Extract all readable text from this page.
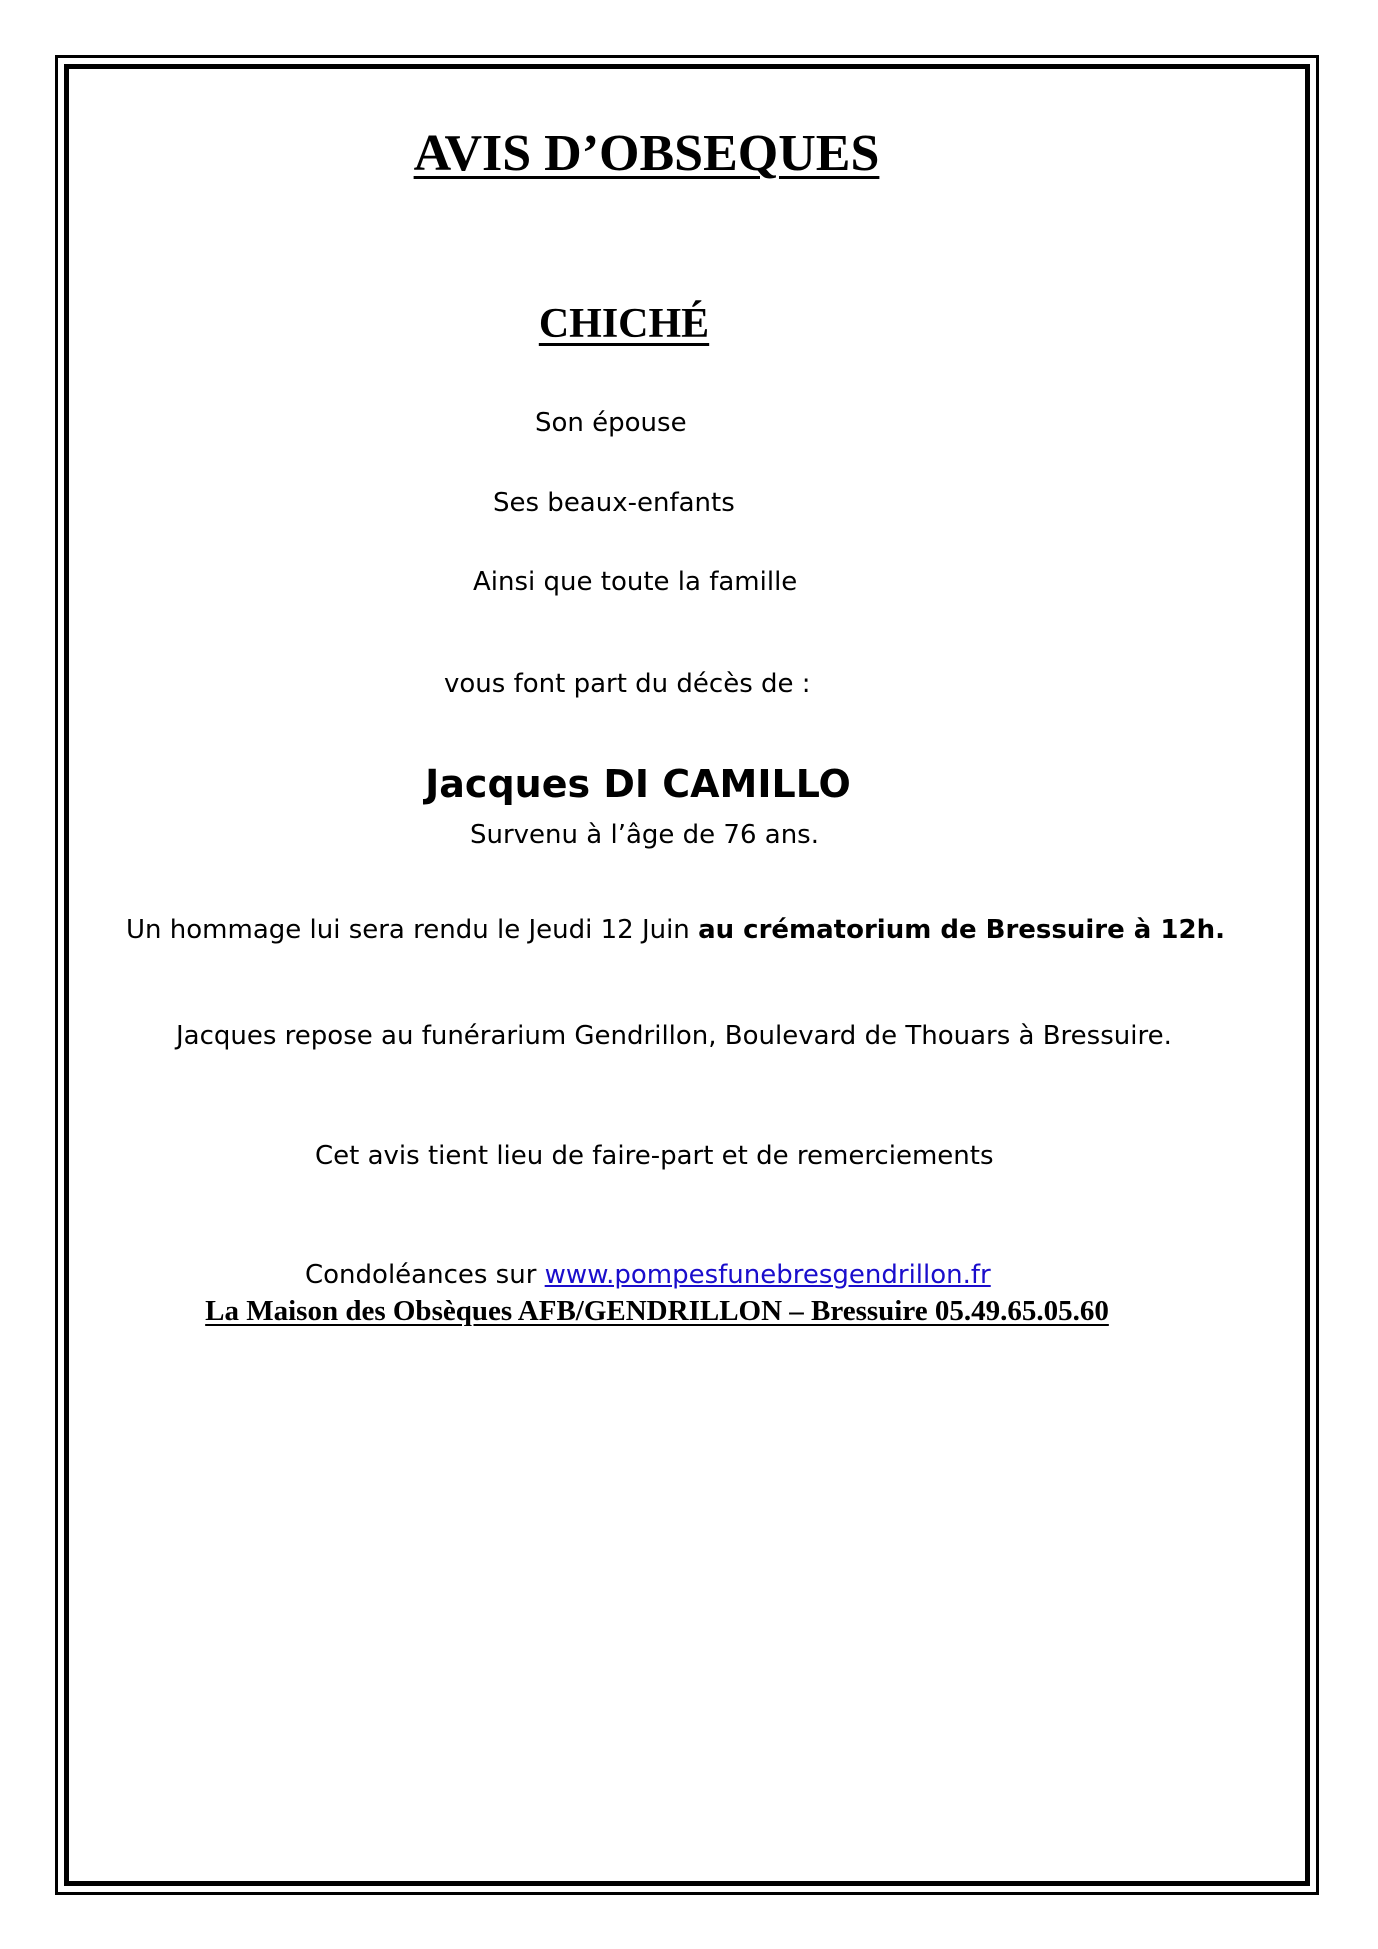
AVIS D’OBSEQUES
CHICHÉ
Son épouse
Ses beaux-enfants
Ainsi que toute la famille
vous font part du décès de :
Jacques DI CAMILLO
Survenu à l’âge de 76 ans.
Un hommage lui sera rendu le Jeudi 12 Juin au crématorium de Bressuire à 12h.
Jacques repose au funérarium Gendrillon, Boulevard de Thouars à Bressuire.
Cet avis tient lieu de faire-part et de remerciements
Condoléances sur www.pompesfunebresgendrillon.fr
La Maison des Obsèques AFB/GENDRILLON – Bressuire 05.49.65.05.60
